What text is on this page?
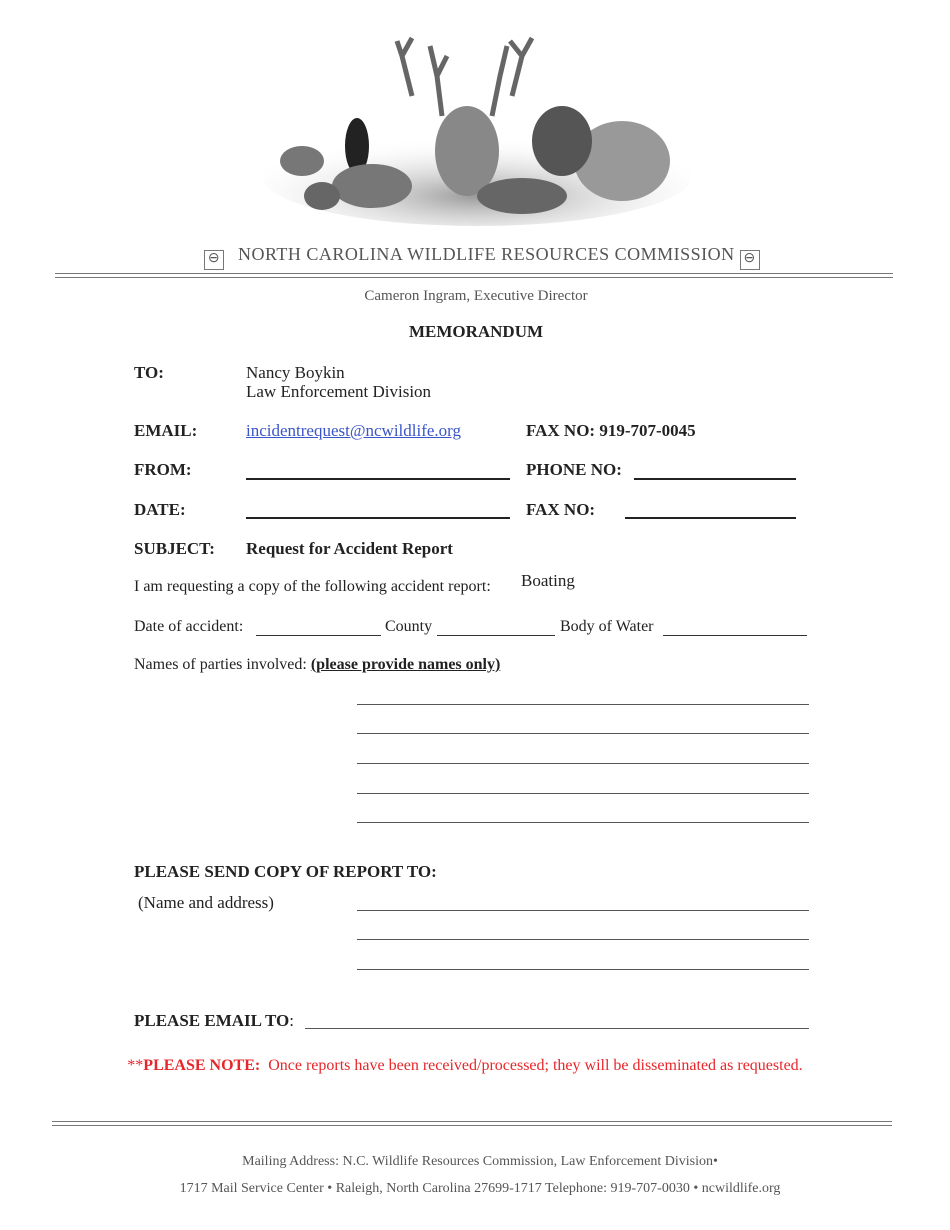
⊖ NORTH CAROLINA WILDLIFE RESOURCES COMMISSION ⊖
Cameron Ingram, Executive Director
MEMORANDUM
TO:	Nancy Boykin
Law Enforcement Division
EMAIL:	incidentrequest@ncwildlife.org	FAX NO: 919-707-0045
FROM:	PHONE NO:
DATE:	FAX NO:
SUBJECT: Request for Accident Report
I am requesting a copy of the following accident report: Boating
Date of accident:	County	Body of Water
Names of parties involved: (please provide names only)
PLEASE SEND COPY OF REPORT TO:
(Name and address)
PLEASE EMAIL TO:
**PLEASE NOTE: Once reports have been received/processed; they will be disseminated as requested.
Mailing Address: N.C. Wildlife Resources Commission, Law Enforcement Division•
1717 Mail Service Center • Raleigh, North Carolina 27699-1717 Telephone: 919-707-0030 • ncwildlife.org
